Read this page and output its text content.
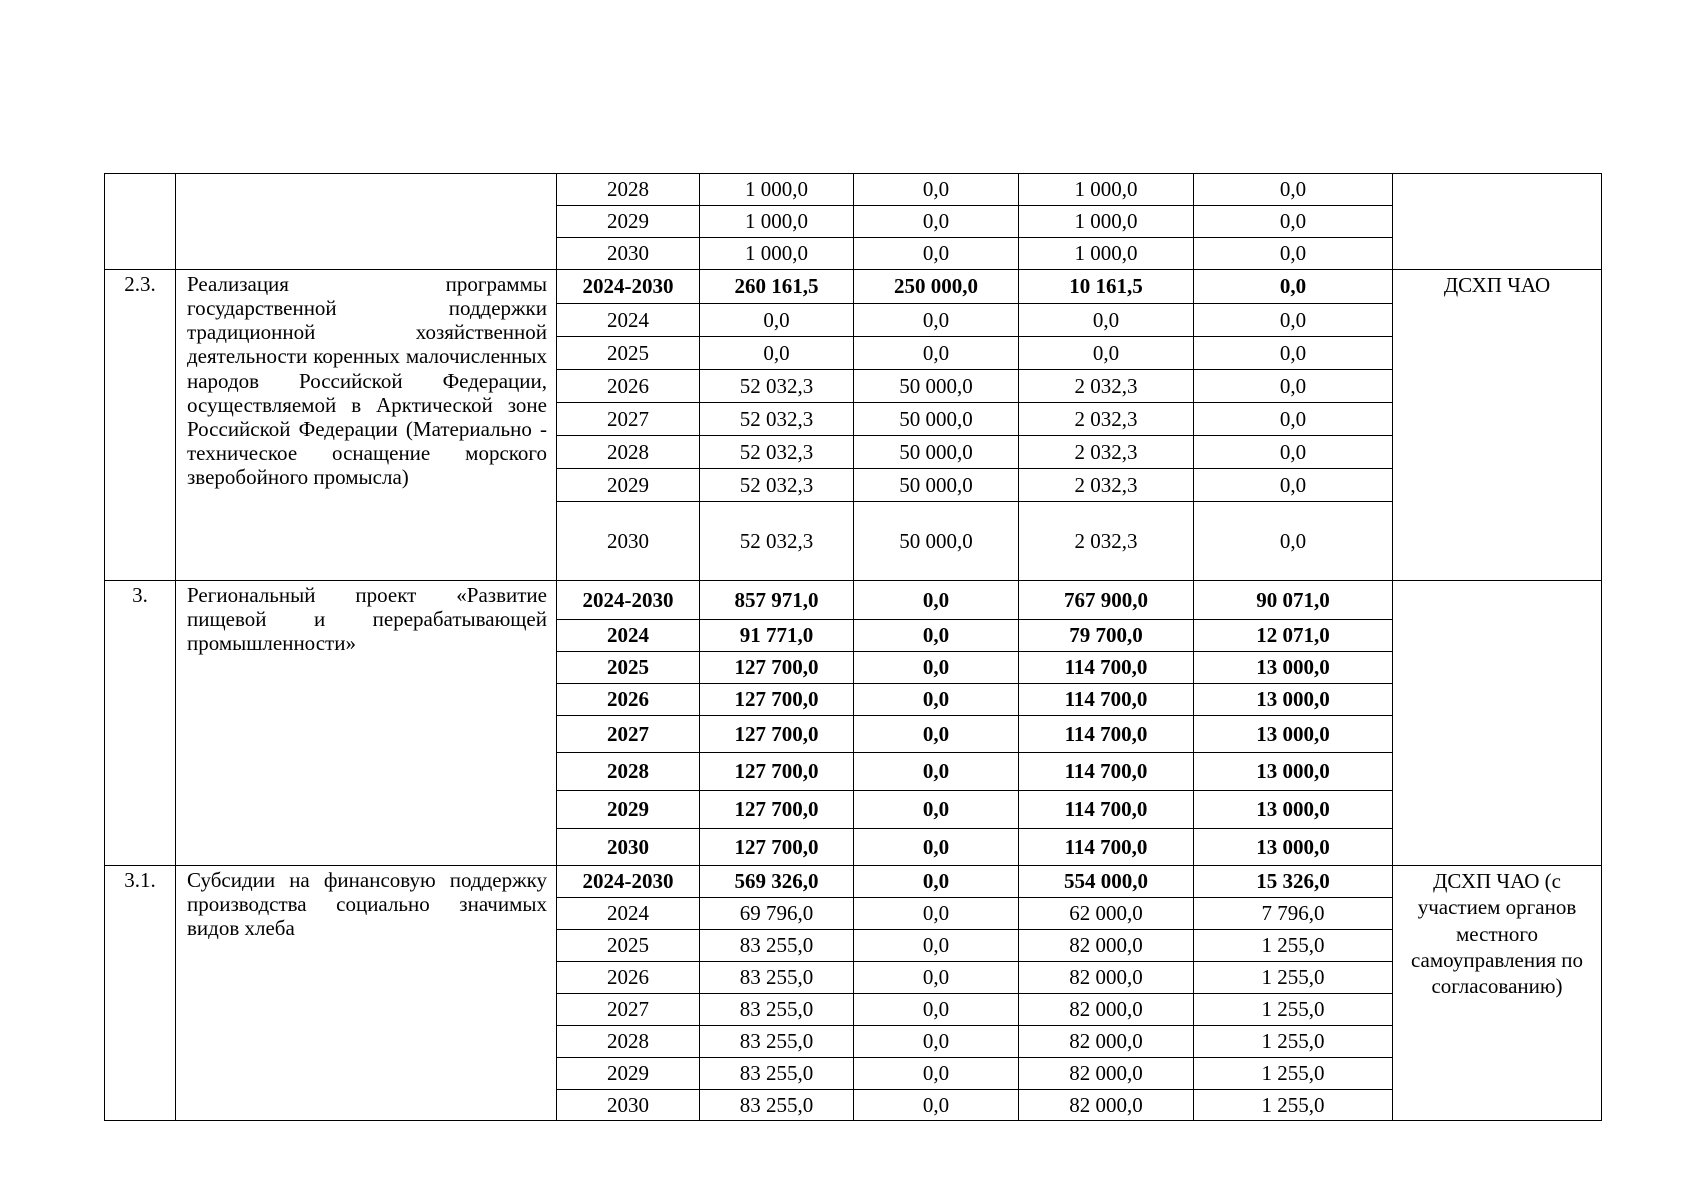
		2028	1 000,0	0,0	1 000,0	0,0	
		2029	1 000,0	0,0	1 000,0	0,0	
		2030	1 000,0	0,0	1 000,0	0,0	
2.3.	Реализация программы государственной поддержки традиционной хозяйственной деятельности коренных малочисленных народов Российской Федерации, осуществляемой в Арктической зоне Российской Федерации (Материально - техническое оснащение морского зверобойного промысла)	2024-2030	260 161,5	250 000,0	10 161,5	0,0	ДСХП ЧАО
		2024	0,0	0,0	0,0	0,0	
		2025	0,0	0,0	0,0	0,0	
		2026	52 032,3	50 000,0	2 032,3	0,0	
		2027	52 032,3	50 000,0	2 032,3	0,0	
		2028	52 032,3	50 000,0	2 032,3	0,0	
		2029	52 032,3	50 000,0	2 032,3	0,0	
		2030	52 032,3	50 000,0	2 032,3	0,0	
3.	Региональный проект «Развитие пищевой и перерабатывающей промышленности»	2024-2030	857 971,0	0,0	767 900,0	90 071,0	
		2024	91 771,0	0,0	79 700,0	12 071,0	
		2025	127 700,0	0,0	114 700,0	13 000,0	
		2026	127 700,0	0,0	114 700,0	13 000,0	
		2027	127 700,0	0,0	114 700,0	13 000,0	
		2028	127 700,0	0,0	114 700,0	13 000,0	
		2029	127 700,0	0,0	114 700,0	13 000,0	
		2030	127 700,0	0,0	114 700,0	13 000,0	
3.1.	Субсидии на финансовую поддержку производства социально значимых видов хлеба	2024-2030	569 326,0	0,0	554 000,0	15 326,0	ДСХП ЧАО (с участием органов местного самоуправления по согласованию)
		2024	69 796,0	0,0	62 000,0	7 796,0	
		2025	83 255,0	0,0	82 000,0	1 255,0	
		2026	83 255,0	0,0	82 000,0	1 255,0	
		2027	83 255,0	0,0	82 000,0	1 255,0	
		2028	83 255,0	0,0	82 000,0	1 255,0	
		2029	83 255,0	0,0	82 000,0	1 255,0	
		2030	83 255,0	0,0	82 000,0	1 255,0	
